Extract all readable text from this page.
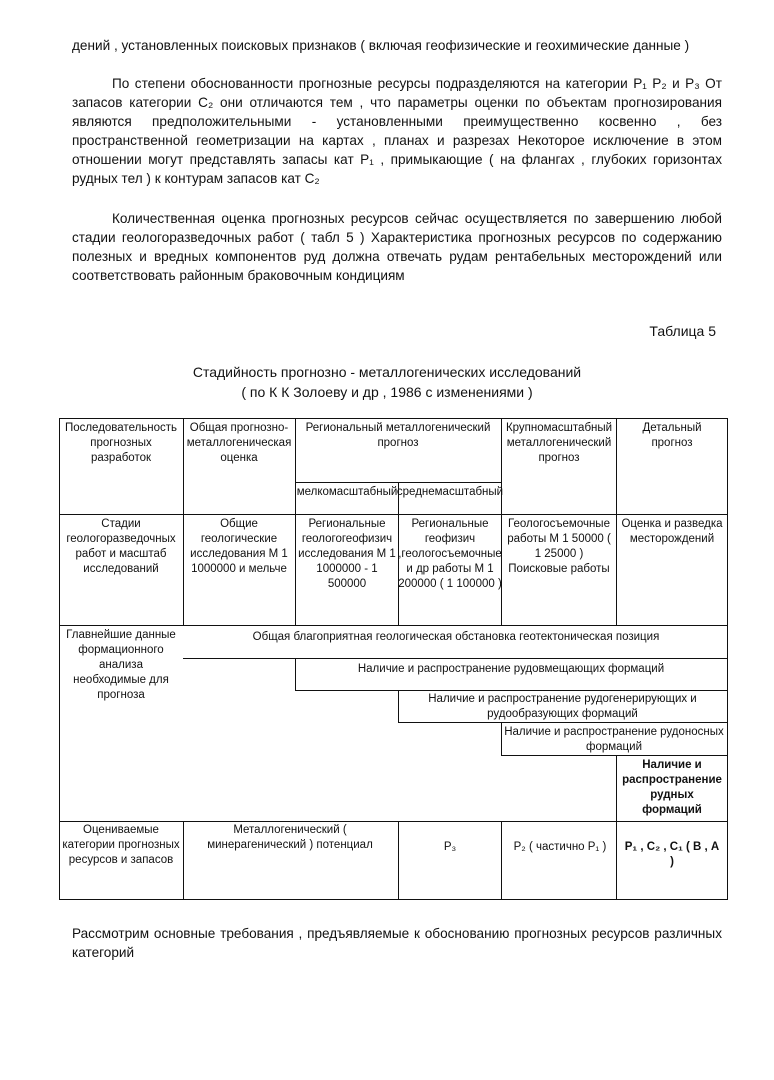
дений , установленных поисковых признаков ( включая геофизические и геохимические данные )

По степени обоснованности прогнозные ресурсы подразделяются на категории Р₁ Р₂ и Р₃ От запасов категории С₂ они отличаются тем , что параметры оценки по объектам прогнозирования являются предположительными - установленными преимущественно косвенно , без пространственной геометризации на картах , планах и разрезах Некоторое исключение в этом отношении могут представлять запасы кат Р₁ , примыкающие ( на флангах , глубоких горизонтах рудных тел ) к контурам запасов кат С₂

Количественная оценка прогнозных ресурсов сейчас осуществляется по завершению любой стадии геологоразведочных работ ( табл 5 ) Характеристика прогнозных ресурсов по содержанию полезных и вредных компонентов руд должна отвечать рудам рентабельных месторождений или соответствовать районным браковочным кондициям

Таблица 5
Стадийность прогнозно - металлогенических исследований
( по К К Золоеву и др , 1986 с изменениями )
Последовательность прогнозных разработок
Общая прогнозно-металлогеническая оценка
Региональный металлогенический прогноз
мелкомасштабный среднемасштабный
Крупномасштабный металлогенический прогноз
Детальный прогноз
Стадии геологоразведочных работ и масштаб исследований
Общие геологические исследования М 1 1000000 и мельче
Региональные геологогеофизич исследования М 1 1000000 - 1 500000
Региональные геофизич ,геологосъемочные и др работы М 1 200000 ( 1 100000 )
Геологосъемочные работы М 1 50000 ( 1 25000 ) Поисковые работы
Оценка и разведка месторождений
Главнейшие данные формационного анализа необходимые для прогноза
Общая благоприятная геологическая обстановка геотектоническая позиция
Наличие и распространение рудовмещающих формаций
Наличие и распространение рудогенерирующих и рудообразующих формаций
Наличие и распространение рудоносных формаций
Наличие и распространение рудных формаций
Оцениваемые категории прогнозных ресурсов и запасов
Металлогенический ( минерагенический ) потенциал	Р₃	Р₂ ( частично Р₁ ) Р₁ , С₂ , С₁ ( В , А )

Рассмотрим основные требования , предъявляемые к обоснованию прогнозных ресурсов различных категорий
